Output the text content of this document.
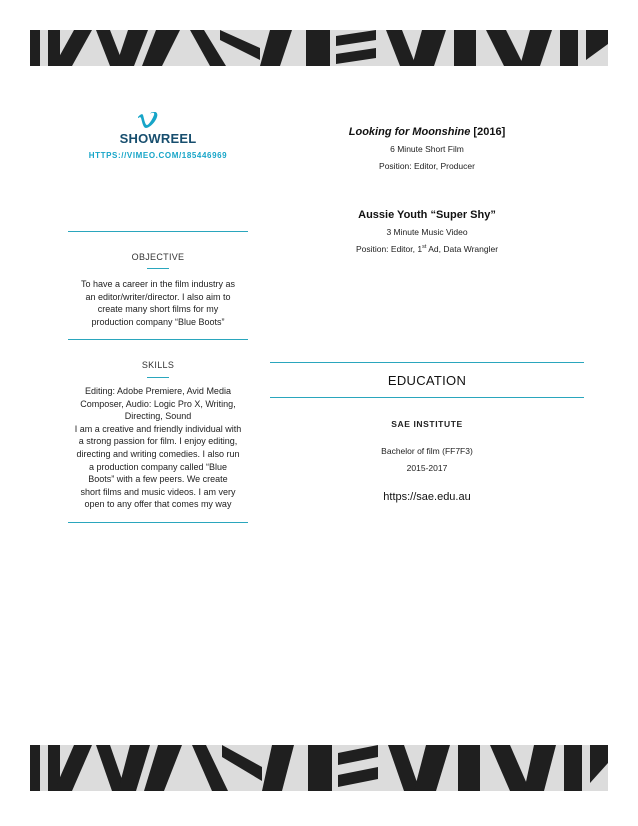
SHOWREEL
HTTPS://VIMEO.COM/185446969
OBJECTIVE
To have a career in the film industry as
an editor/writer/director. I also aim to
create many short films for my
production company “Blue Boots”
SKILLS
Editing: Adobe Premiere, Avid Media
Composer, Audio: Logic Pro X, Writing,
Directing, Sound
I am a creative and friendly individual with
a strong passion for film. I enjoy editing,
directing and writing comedies. I also run
a production company called “Blue
Boots” with a few peers. We create
short films and music videos. I am very
open to any offer that comes my way
Looking for Moonshine [2016]
6 Minute Short Film
Position: Editor, Producer
Aussie Youth “Super Shy”
3 Minute Music Video
Position: Editor, 1st Ad, Data Wrangler
EDUCATION
SAE INSTITUTE
Bachelor of film (FF7F3)
2015-2017
https://sae.edu.au
